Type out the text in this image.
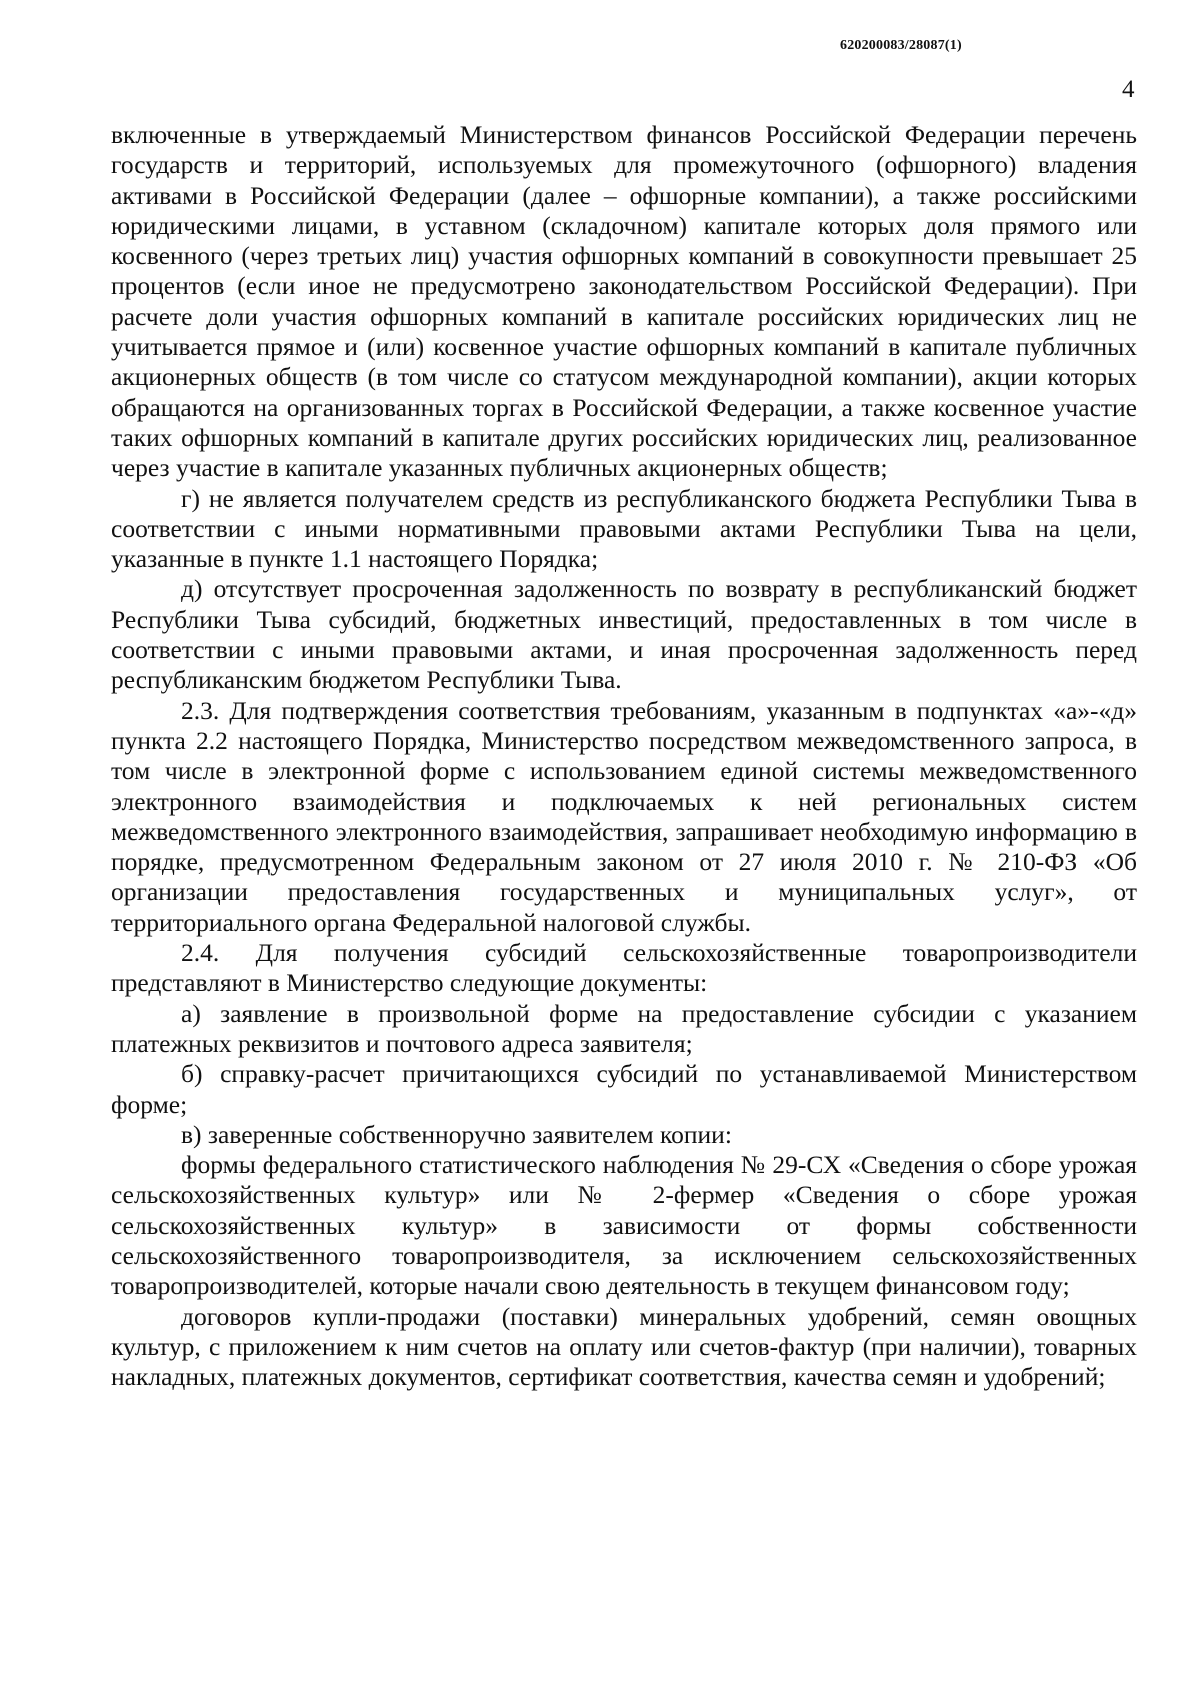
620200083/28087(1)
4

включенные в утверждаемый Министерством финансов Российской Федерации перечень государств и территорий, используемых для промежуточного (офшорного) владения активами в Российской Федерации (далее – офшорные компании), а также российскими юридическими лицами, в уставном (складочном) капитале которых доля прямого или косвенного (через третьих лиц) участия офшорных компаний в совокупности превышает 25 процентов (если иное не предусмотрено законодательством Российской Федерации). При расчете доли участия офшорных компаний в капитале российских юридических лиц не учитывается прямое и (или) косвенное участие офшорных компаний в капитале публичных акционерных обществ (в том числе со статусом международной компании), акции которых обращаются на организованных торгах в Российской Федерации, а также косвенное участие таких офшорных компаний в капитале других российских юридических лиц, реализованное через участие в капитале указанных публичных акционерных обществ;

г) не является получателем средств из республиканского бюджета Республики Тыва в соответствии с иными нормативными правовыми актами Республики Тыва на цели, указанные в пункте 1.1 настоящего Порядка;

д) отсутствует просроченная задолженность по возврату в республиканский бюджет Республики Тыва субсидий, бюджетных инвестиций, предоставленных в том числе в соответствии с иными правовыми актами, и иная просроченная задолженность перед республиканским бюджетом Республики Тыва.

2.3. Для подтверждения соответствия требованиям, указанным в подпунктах «а»-«д» пункта 2.2 настоящего Порядка, Министерство посредством межведомственного запроса, в том числе в электронной форме с использованием единой системы межведомственного электронного взаимодействия и подключаемых к ней региональных систем межведомственного электронного взаимодействия, запрашивает необходимую информацию в порядке, предусмотренном Федеральным законом от 27 июля 2010 г. № 210-ФЗ «Об организации предоставления государственных и муниципальных услуг», от территориального органа Федеральной налоговой службы.

2.4. Для получения субсидий сельскохозяйственные товаропроизводители представляют в Министерство следующие документы:

а) заявление в произвольной форме на предоставление субсидии с указанием платежных реквизитов и почтового адреса заявителя;

б) справку-расчет причитающихся субсидий по устанавливаемой Министерством форме;

в) заверенные собственноручно заявителем копии:

формы федерального статистического наблюдения № 29-СХ «Сведения о сборе урожая сельскохозяйственных культур» или № 2-фермер «Сведения о сборе урожая сельскохозяйственных культур» в зависимости от формы собственности сельскохозяйственного товаропроизводителя, за исключением сельскохозяйственных товаропроизводителей, которые начали свою деятельность в текущем финансовом году;

договоров купли-продажи (поставки) минеральных удобрений, семян овощных культур, с приложением к ним счетов на оплату или счетов-фактур (при наличии), товарных накладных, платежных документов, сертификат соответствия, качества семян и удобрений;
